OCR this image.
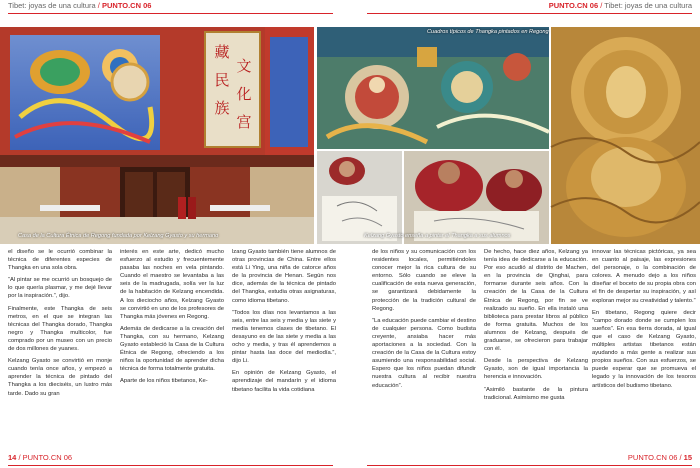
Tibet: joyas de una cultura / PUNTO.CN 06	PUNTO.CN 06 / Tibet: joyas de una cultura
藏
民
族
文
化
宫
Casa de la Cultura Étnica de Regong fundada por Kelzang Gyasto y su hermano
Cuadros típicos de Thangka pintados en Regong
Kelzang Gyasto enseña a pintar el Thangka a sus alumnos

el diseño se le ocurrió combinar la técnica de diferentes especies de Thangka en una sola obra.

“Al pintar se me ocurrió un bosquejo de lo que quería plasmar, y me dejé llevar por la inspiración.”, dijo.

Finalmente, este Thangka de seis metros, en el que se integran las técnicas del Thangka dorado, Thangka negro y Thangka multicolor, fue comprado por un museo con un precio de dos millones de yuanes.

Kelzang Gyasto se convirtió en monje cuando tenía once años, y empezó a aprender la técnica de pintado del Thangka a los dieciséis, un lustro más tarde. Dado su gran

interés en este arte, dedicó mucho esfuerzo al estudio y frecuentemente pasaba las noches en vela pintando. Cuando el maestro se levantaba a las seis de la madrugada, solía ver la luz de la habitación de Kelzang encendida. A los dieciocho años, Kelzang Gyasto se convirtió en uno de los profesores de Thangka más jóvenes en Regong.

Además de dedicarse a la creación del Thangka, con su hermano, Kelzang Gyasto estableció la Casa de la Cultura Étnica de Regong, ofreciendo a los niños la oportunidad de aprender dicha técnica de forma totalmente gratuita.

Aparte de los niños tibetanos, Ke-

lzang Gyasto también tiene alumnos de otras provincias de China. Entre ellos está Li Ying, una niña de catorce años de la provincia de Henan. Según nos dice, además de la técnica de pintado del Thangka, estudia otras asignaturas, como idioma tibetano.

“Todos los días nos levantamos a las seis, entre las seis y media y las siete y media tenemos clases de tibetano. El desayuno es de las siete y media a las ocho y media, y tras él aprendemos a pintar hasta las doce del mediodía.”, dijo Li.

En opinión de Kelzang Gyasto, el aprendizaje del mandarín y el idioma tibetano facilita la vida cotidiana

de los niños y su comunicación con los residentes locales, permitiéndoles conocer mejor la rica cultura de su entorno. Sólo cuando se eleve la cualificación de esta nueva generación, se garantizará debidamente la protección de la tradición cultural de Regong.

“La educación puede cambiar el destino de cualquier persona. Como budista creyente, ansiaba hacer más aportaciones a la sociedad. Con la creación de la Casa de la Cultura estoy asumiendo una responsabilidad social. Espero que los niños puedan difundir nuestra cultura al recibir nuestra educación”.

De hecho, hace diez años, Kelzang ya tenía idea de dedicarse a la educación. Por eso acudió al distrito de Machen, en la provincia de Qinghai, para formarse durante seis años. Con la creación de la Casa de la Cultura Étnica de Regong, por fin se ve realizado su sueño. En ella instaló una biblioteca para prestar libros al público de forma gratuita. Muchos de los alumnos de Kelzang, después de graduarse, se ofrecieron para trabajar con él.

Desde la perspectiva de Kelzang Gyasto, son de igual importancia la herencia e innovación.

“Asimiló bastante de la pintura tradicional. Asimismo me gusta

innovar las técnicas pictóricas, ya sea en cuanto al paisaje, las expresiones del personaje, o la combinación de colores. A menudo dejo a los niños diseñar el boceto de su propia obra con el fin de despertar su inspiración, y así exploran mejor su creatividad y talento.”

En tibetano, Regong quiere decir “campo dorado donde se cumplen los sueños”. En esa tierra dorada, al igual que el caso de Kelzang Gyasto, múltiples artistas tibetanos están ayudando a más gente a realizar sus propios sueños. Con sus esfuerzos, se puede esperar que se promueva el legado y la innovación de los tesoros artísticos del budismo tibetano.

14 / PUNTO.CN 06	PUNTO.CN 06 / 15
